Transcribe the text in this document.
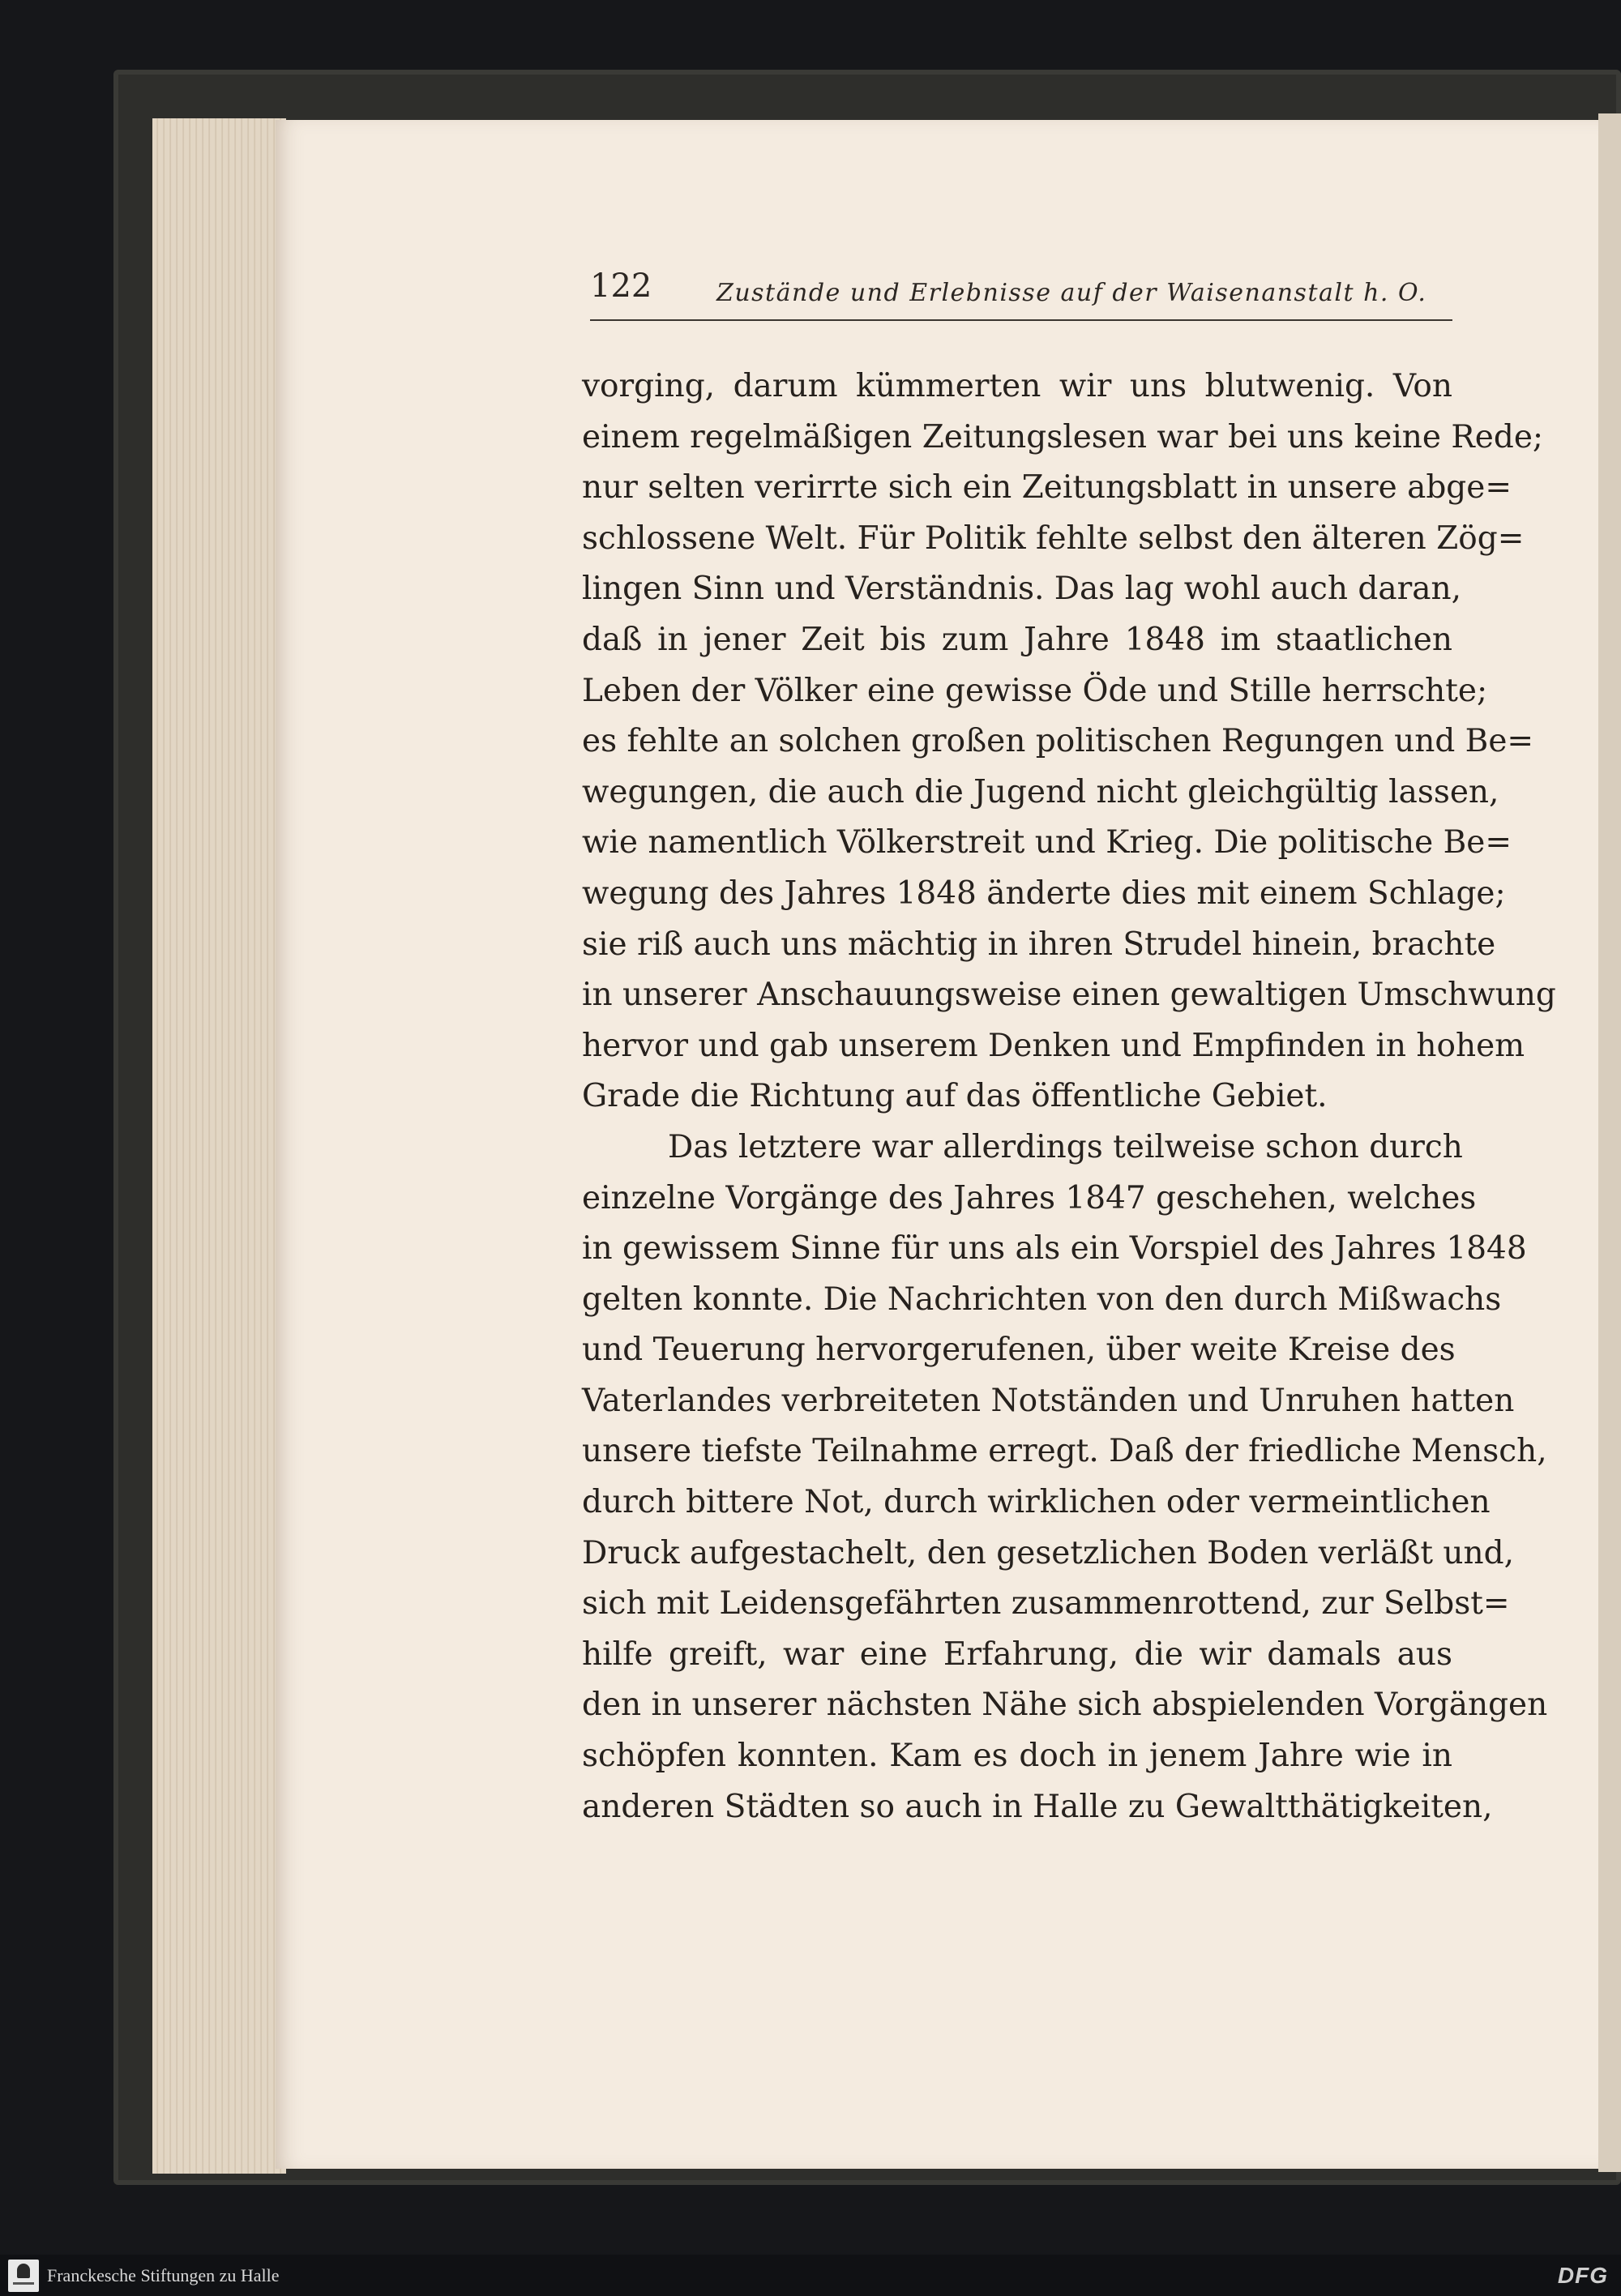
122	Zustände und Erlebnisse auf der Waisenanstalt h. O.
vorging, darum kümmerten wir uns blutwenig. Von
einem regelmäßigen Zeitungslesen war bei uns keine Rede;
nur selten verirrte sich ein Zeitungsblatt in unsere abge=
schlossene Welt. Für Politik fehlte selbst den älteren Zög=
lingen Sinn und Verständnis. Das lag wohl auch daran,
daß in jener Zeit bis zum Jahre 1848 im staatlichen
Leben der Völker eine gewisse Öde und Stille herrschte;
es fehlte an solchen großen politischen Regungen und Be=
wegungen, die auch die Jugend nicht gleichgültig lassen,
wie namentlich Völkerstreit und Krieg. Die politische Be=
wegung des Jahres 1848 änderte dies mit einem Schlage;
sie riß auch uns mächtig in ihren Strudel hinein, brachte
in unserer Anschauungsweise einen gewaltigen Umschwung
hervor und gab unserem Denken und Empfinden in hohem
Grade die Richtung auf das öffentliche Gebiet.
Das letztere war allerdings teilweise schon durch
einzelne Vorgänge des Jahres 1847 geschehen, welches
in gewissem Sinne für uns als ein Vorspiel des Jahres 1848
gelten konnte. Die Nachrichten von den durch Mißwachs
und Teuerung hervorgerufenen, über weite Kreise des
Vaterlandes verbreiteten Notständen und Unruhen hatten
unsere tiefste Teilnahme erregt. Daß der friedliche Mensch,
durch bittere Not, durch wirklichen oder vermeintlichen
Druck aufgestachelt, den gesetzlichen Boden verläßt und,
sich mit Leidensgefährten zusammenrottend, zur Selbst=
hilfe greift, war eine Erfahrung, die wir damals aus
den in unserer nächsten Nähe sich abspielenden Vorgängen
schöpfen konnten. Kam es doch in jenem Jahre wie in
anderen Städten so auch in Halle zu Gewaltthätigkeiten,
Franckesche Stiftungen zu Halle	DFG
